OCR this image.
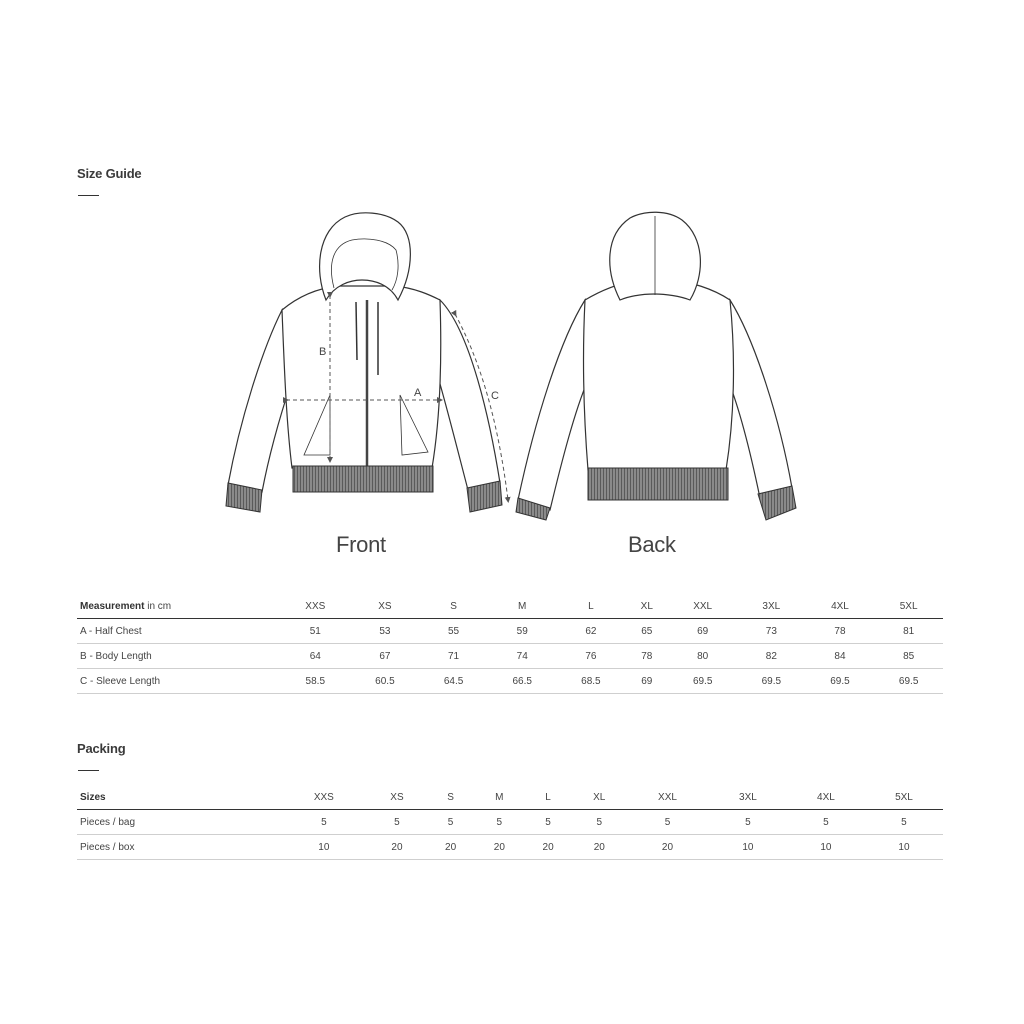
Size Guide
A
B
C
Front	Back
Measurement in cm	XXS	XS	S	M	L	XL	XXL	3XL	4XL	5XL
A - Half Chest	51	53	55	59	62	65	69	73	78	81
B - Body Length	64	67	71	74	76	78	80	82	84	85
C - Sleeve Length	58.5	60.5	64.5	66.5	68.5	69	69.5	69.5	69.5	69.5
Packing
Sizes	XXS	XS	S	M	L	XL	XXL	3XL	4XL	5XL
Pieces / bag	5	5	5	5	5	5	5	5	5	5
Pieces / box	10	20	20	20	20	20	20	10	10	10
